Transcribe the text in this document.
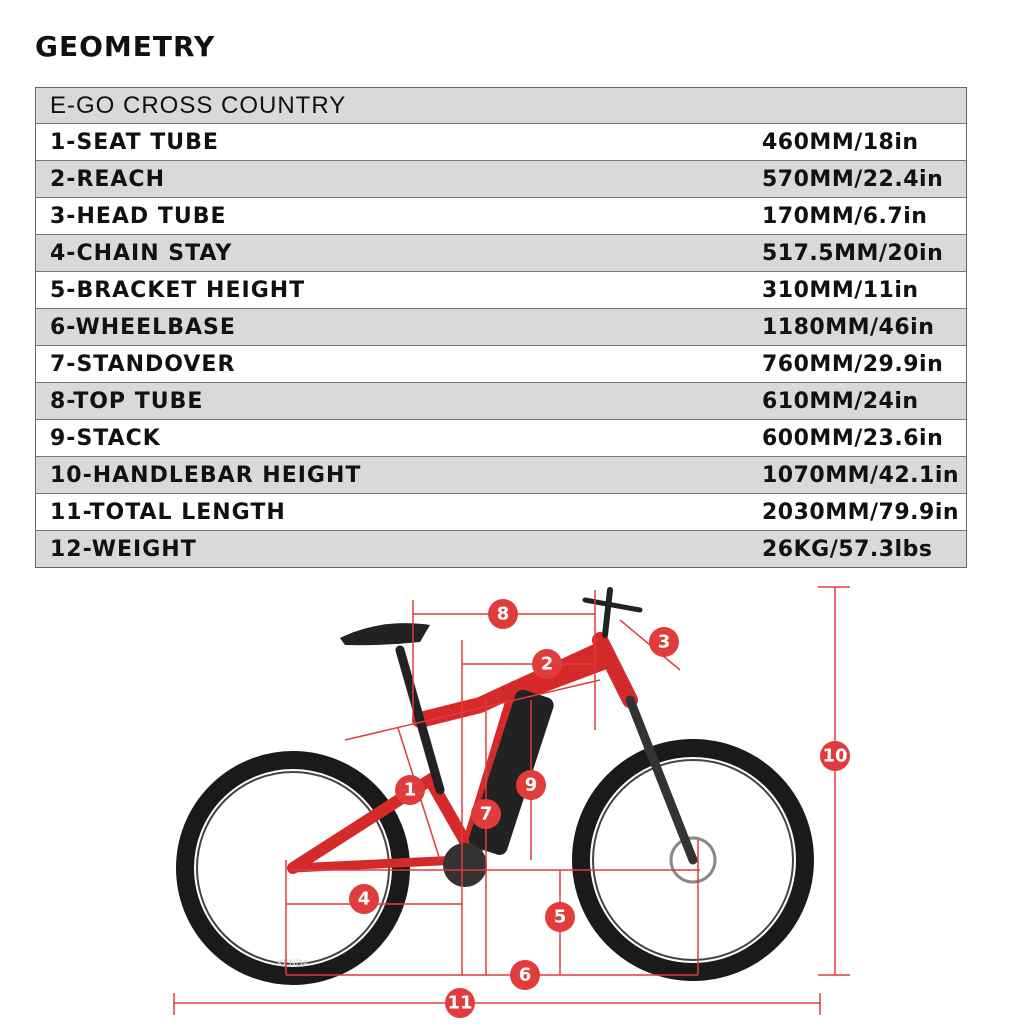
GEOMETRY
E-GO CROSS COUNTRY
1-SEAT TUBE	460MM/18in
2-REACH	570MM/22.4in
3-HEAD TUBE	170MM/6.7in
4-CHAIN STAY	517.5MM/20in
5-BRACKET HEIGHT	310MM/11in
6-WHEELBASE	1180MM/46in
7-STANDOVER	760MM/29.9in
8-TOP TUBE	610MM/24in
9-STACK	600MM/23.6in
10-HANDLEBAR HEIGHT	1070MM/42.1in
11-TOTAL LENGTH	2030MM/79.9in
12-WEIGHT	26KG/57.3lbs
KENDA
1
2
3
4
5
6
7
8
9
10
11
